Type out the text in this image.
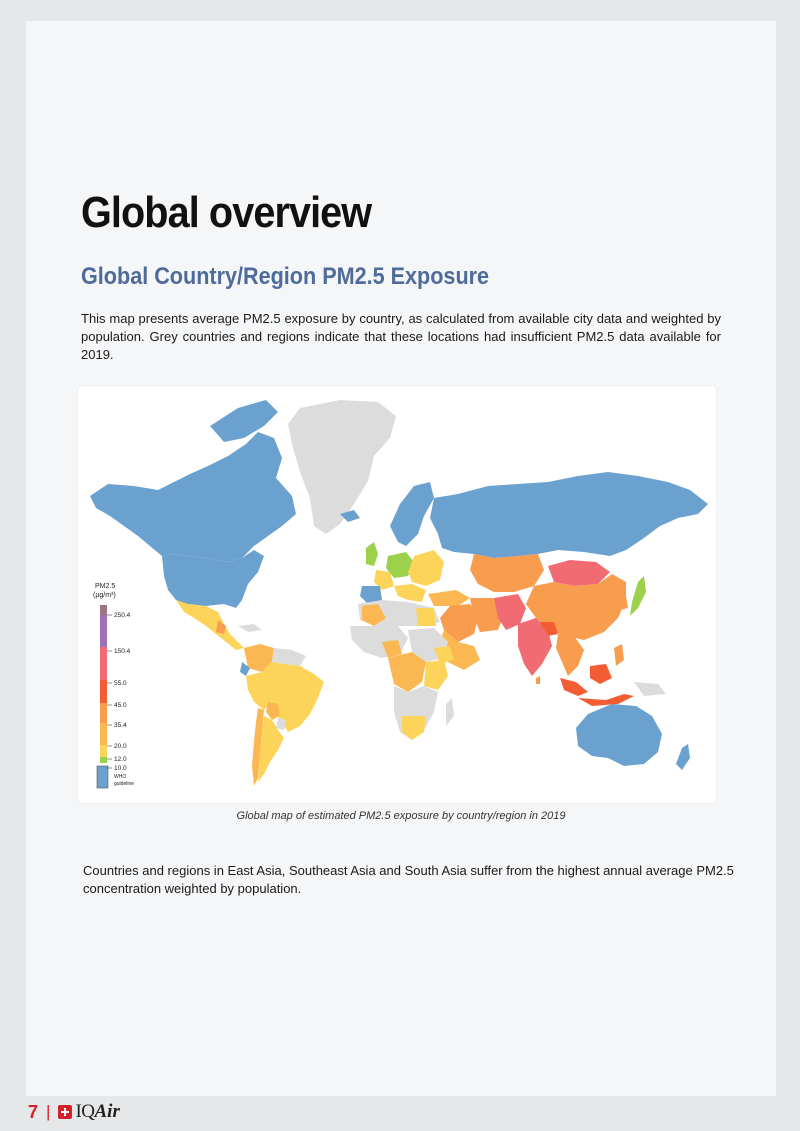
Global overview
Global Country/Region PM2.5 Exposure

This map presents average PM2.5 exposure by country, as calculated from available city data and weighted by population. Grey countries and regions indicate that these locations had insufficient PM2.5 data available for 2019.

PM2.5
(µg/m³)
250.4
150.4
55.0
45.0
35.4
20.0
12.0
10.0
WHO
guideline

Global map of estimated PM2.5 exposure by country/region in 2019

Countries and regions in East Asia, Southeast Asia and South Asia suffer from the highest annual average PM2.5 concentration weighted by population.

7 | IQ Air
